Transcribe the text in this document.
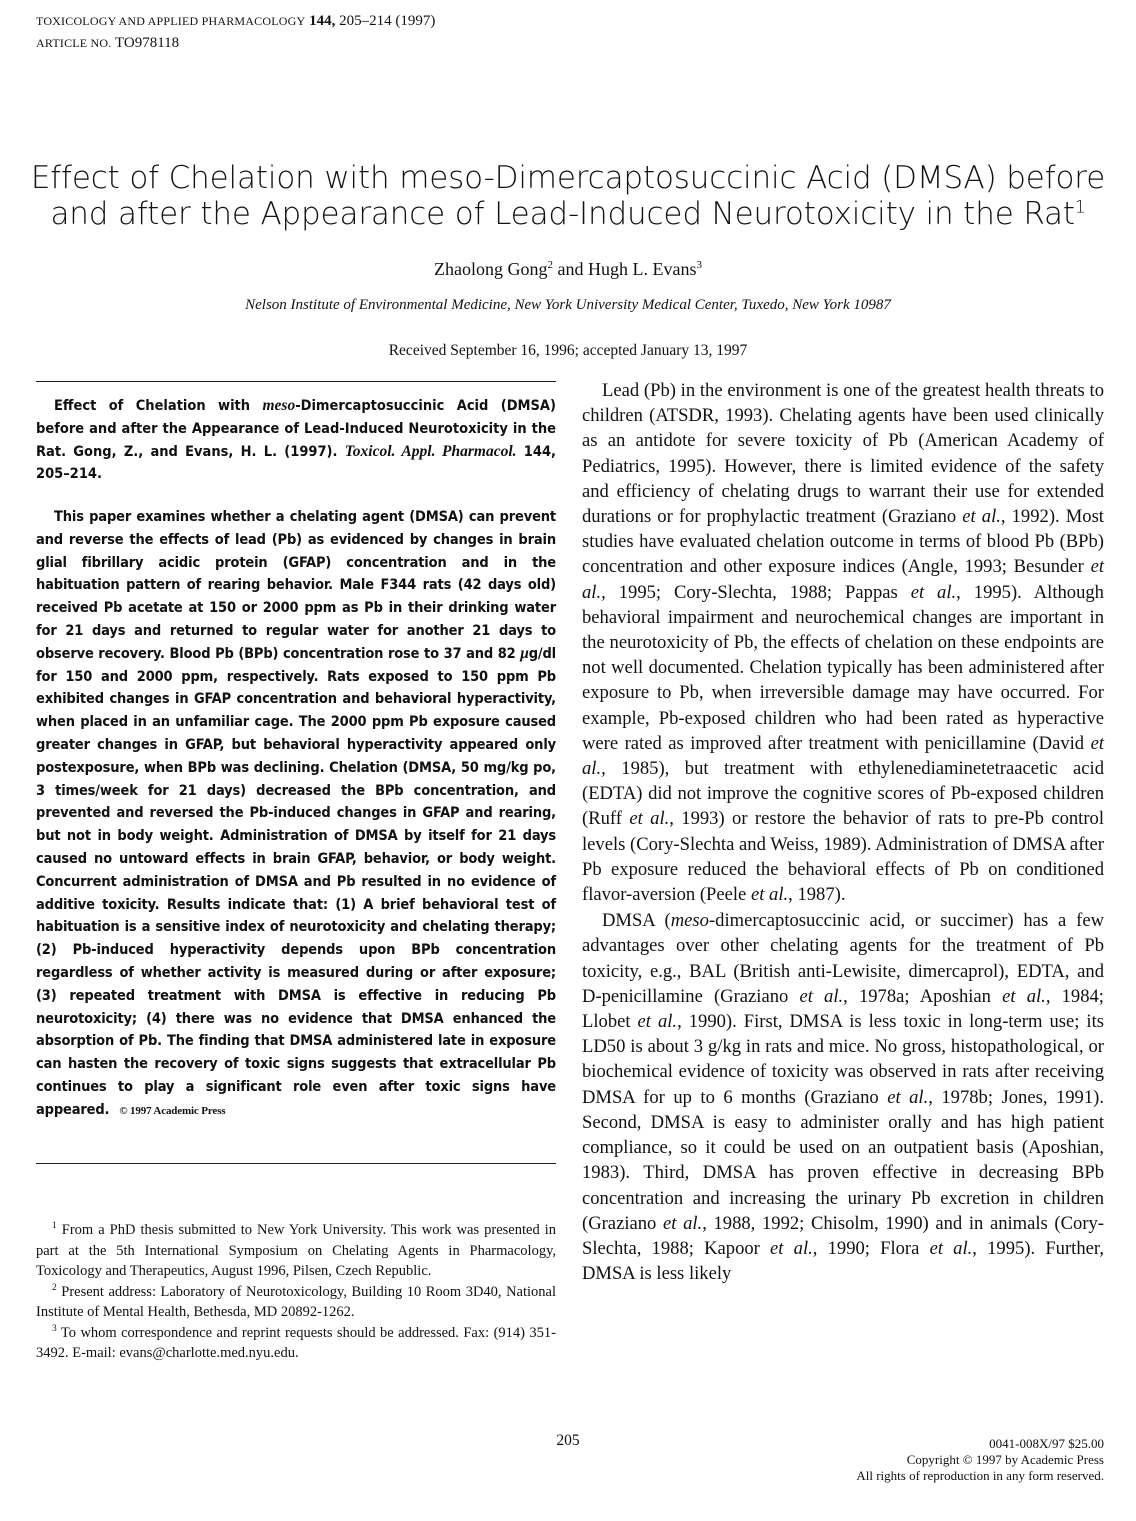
TOXICOLOGY AND APPLIED PHARMACOLOGY 144, 205–214 (1997)
ARTICLE NO. TO978118
Effect of Chelation with meso-Dimercaptosuccinic Acid (DMSA) before
and after the Appearance of Lead-Induced Neurotoxicity in the Rat$^1$
Zhaolong Gong$^2$ and Hugh L. Evans$^3$
Nelson Institute of Environmental Medicine, New York University Medical Center, Tuxedo, New York 10987
Received September 16, 1996; accepted January 13, 1997
Effect of Chelation with meso-Dimercaptosuccinic Acid (DMSA) before and after the Appearance of Lead-Induced Neurotoxicity in the Rat. Gong, Z., and Evans, H. L. (1997). Toxicol. Appl. Pharmacol. 144, 205–214.
This paper examines whether a chelating agent (DMSA) can prevent and reverse the effects of lead (Pb) as evidenced by changes in brain glial fibrillary acidic protein (GFAP) concentration and in the habituation pattern of rearing behavior. Male F344 rats (42 days old) received Pb acetate at 150 or 2000 ppm as Pb in their drinking water for 21 days and returned to regular water for another 21 days to observe recovery. Blood Pb (BPb) concentration rose to 37 and 82 μg/dl for 150 and 2000 ppm, respectively. Rats exposed to 150 ppm Pb exhibited changes in GFAP concentration and behavioral hyperactivity, when placed in an unfamiliar cage. The 2000 ppm Pb exposure caused greater changes in GFAP, but behavioral hyperactivity appeared only postexposure, when BPb was declining. Chelation (DMSA, 50 mg/kg po, 3 times/week for 21 days) decreased the BPb concentration, and prevented and reversed the Pb-induced changes in GFAP and rearing, but not in body weight. Administration of DMSA by itself for 21 days caused no untoward effects in brain GFAP, behavior, or body weight. Concurrent administration of DMSA and Pb resulted in no evidence of additive toxicity. Results indicate that: (1) A brief behavioral test of habituation is a sensitive index of neurotoxicity and chelating therapy; (2) Pb-induced hyperactivity depends upon BPb concentration regardless of whether activity is measured during or after exposure; (3) repeated treatment with DMSA is effective in reducing Pb neurotoxicity; (4) there was no evidence that DMSA enhanced the absorption of Pb. The finding that DMSA administered late in exposure can hasten the recovery of toxic signs suggests that extracellular Pb continues to play a significant role even after toxic signs have appeared. © 1997 Academic Press

$^1$ From a PhD thesis submitted to New York University. This work was presented in part at the 5th International Symposium on Chelating Agents in Pharmacology, Toxicology and Therapeutics, August 1996, Pilsen, Czech Republic.

$^2$ Present address: Laboratory of Neurotoxicology, Building 10 Room 3D40, National Institute of Mental Health, Bethesda, MD 20892-1262.

$^3$ To whom correspondence and reprint requests should be addressed. Fax: (914) 351-3492. E-mail: evans@charlotte.med.nyu.edu.

Lead (Pb) in the environment is one of the greatest health threats to children (ATSDR, 1993). Chelating agents have been used clinically as an antidote for severe toxicity of Pb (American Academy of Pediatrics, 1995). However, there is limited evidence of the safety and efficiency of chelating drugs to warrant their use for extended durations or for prophylactic treatment (Graziano et al., 1992). Most studies have evaluated chelation outcome in terms of blood Pb (BPb) concentration and other exposure indices (Angle, 1993; Besunder et al., 1995; Cory-Slechta, 1988; Pappas et al., 1995). Although behavioral impairment and neurochemical changes are important in the neurotoxicity of Pb, the effects of chelation on these endpoints are not well documented. Chelation typically has been administered after exposure to Pb, when irreversible damage may have occurred. For example, Pb-exposed children who had been rated as hyperactive were rated as improved after treatment with penicillamine (David et al., 1985), but treatment with ethylenediaminetetraacetic acid (EDTA) did not improve the cognitive scores of Pb-exposed children (Ruff et al., 1993) or restore the behavior of rats to pre-Pb control levels (Cory-Slechta and Weiss, 1989). Administration of DMSA after Pb exposure reduced the behavioral effects of Pb on conditioned flavor-aversion (Peele et al., 1987).

DMSA (meso-dimercaptosuccinic acid, or succimer) has a few advantages over other chelating agents for the treatment of Pb toxicity, e.g., BAL (British anti-Lewisite, dimercaprol), EDTA, and D-penicillamine (Graziano et al., 1978a; Aposhian et al., 1984; Llobet et al., 1990). First, DMSA is less toxic in long-term use; its LD50 is about 3 g/kg in rats and mice. No gross, histopathological, or biochemical evidence of toxicity was observed in rats after receiving DMSA for up to 6 months (Graziano et al., 1978b; Jones, 1991). Second, DMSA is easy to administer orally and has high patient compliance, so it could be used on an outpatient basis (Aposhian, 1983). Third, DMSA has proven effective in decreasing BPb concentration and increasing the urinary Pb excretion in children (Graziano et al., 1988, 1992; Chisolm, 1990) and in animals (Cory-Slechta, 1988; Kapoor et al., 1990; Flora et al., 1995). Further, DMSA is less likely

205	0041-008X/97 $25.00
Copyright © 1997 by Academic Press
All rights of reproduction in any form reserved.
